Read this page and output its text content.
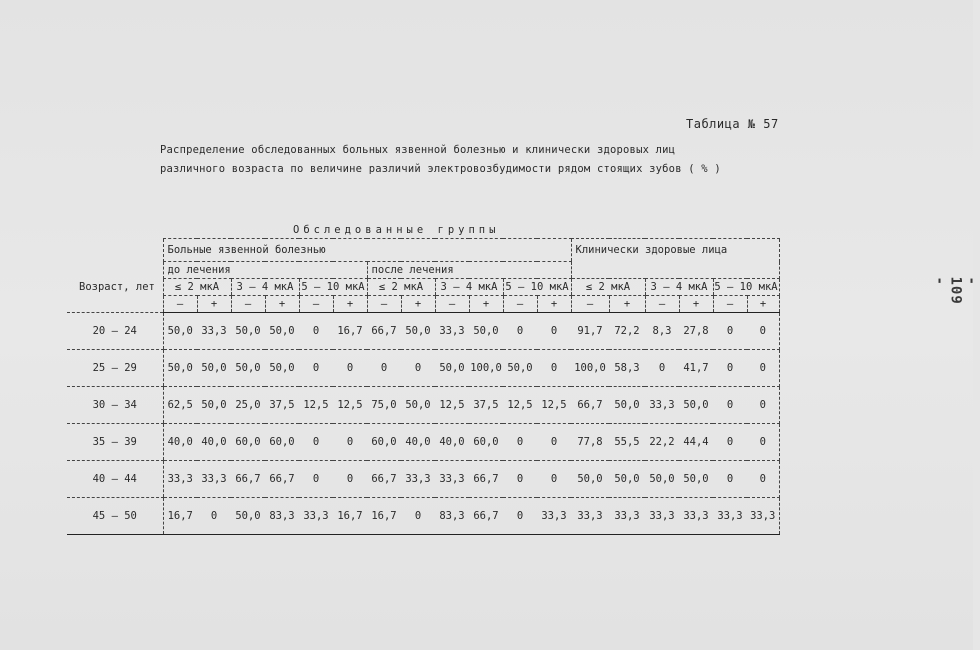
Таблица № 57
Распределение обследованных больных язвенной болезнью и клинически здоровых лиц
различного возраста по величине различий электровозбудимости рядом стоящих зубов ( % )
- 109 -
	Обследованные группы																	
	Больные язвенной болезнью												Клинически здоровые лица					
Возраст, лет	до лечения						после лечения											
	≤ 2 мкА		3 – 4 мкА		5 – 10 мкА		≤ 2 мкА		3 – 4 мкА		5 – 10 мкА		≤ 2 мкА		3 – 4 мкА		5 – 10 мкА	
	–	+	–	+	–	+	–	+	–	+	–	+	–	+	–	+	–	+
20 – 24	50,0	33,3	50,0	50,0	0	16,7	66,7	50,0	33,3	50,0	0	0	91,7	72,2	8,3	27,8	0	0
25 – 29	50,0	50,0	50,0	50,0	0	0	0	0	50,0	100,0	50,0	0	100,0	58,3	0	41,7	0	0
30 – 34	62,5	50,0	25,0	37,5	12,5	12,5	75,0	50,0	12,5	37,5	12,5	12,5	66,7	50,0	33,3	50,0	0	0
35 – 39	40,0	40,0	60,0	60,0	0	0	60,0	40,0	40,0	60,0	0	0	77,8	55,5	22,2	44,4	0	0
40 – 44	33,3	33,3	66,7	66,7	0	0	66,7	33,3	33,3	66,7	0	0	50,0	50,0	50,0	50,0	0	0
45 – 50	16,7	0	50,0	83,3	33,3	16,7	16,7	0	83,3	66,7	0	33,3	33,3	33,3	33,3	33,3	33,3	33,3
